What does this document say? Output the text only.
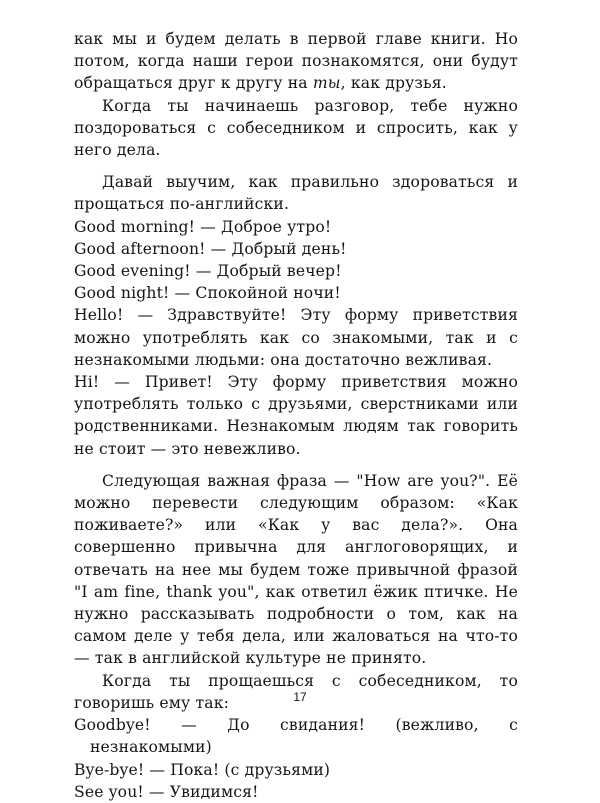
как мы и будем делать в первой главе книги. Но потом, когда наши герои познакомятся, они будут обращаться друг к другу на ты, как друзья.

Когда ты начинаешь разговор, тебе нужно поздороваться с собеседником и спросить, как у него дела.

Давай выучим, как правильно здороваться и прощаться по-английски.

Good morning! — Доброе утро!

Good afternoon! — Добрый день!

Good evening! — Добрый вечер!

Good night! — Спокойной ночи!

Hello! — Здравствуйте! Эту форму приветствия можно употреблять как со знакомыми, так и с незнакомыми людьми: она достаточно вежливая.

Hi! — Привет! Эту форму приветствия можно употреблять только с друзьями, сверстниками или родственниками. Незнакомым людям так говорить не стоит — это невежливо.

Следующая важная фраза — "How are you?". Её можно перевести следующим образом: «Как поживаете?» или «Как у вас дела?». Она совершенно привычна для англоговорящих, и отвечать на нее мы будем тоже привычной фразой "I am fine, thank you", как ответил ёжик птичке. Не нужно рассказывать подробности о том, как на самом деле у тебя дела, или жаловаться на что-то — так в английской культуре не принято.

Когда ты прощаешься с собеседником, то говоришь ему так:

Goodbye! — До свидания! (вежливо, с незнакомыми)

Bye-bye! — Пока! (с друзьями)

See you! — Увидимся!

17
